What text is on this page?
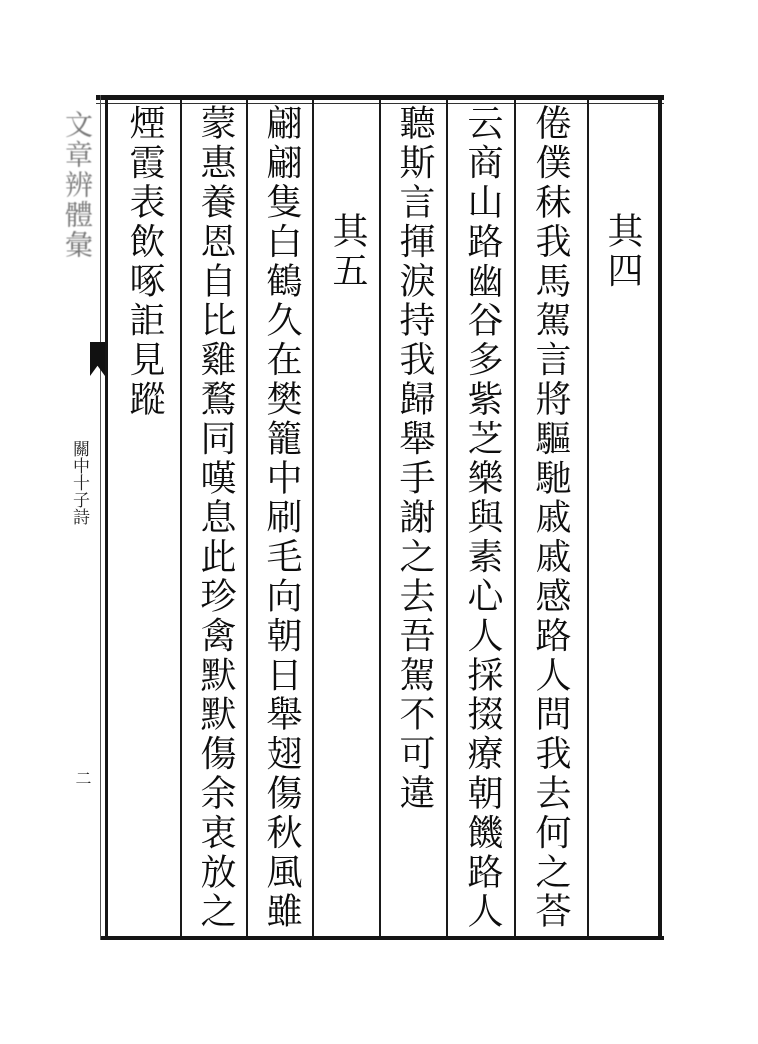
文章辨體彙
關中十子詩
二
其四
倦僕秣我馬駕言將驅馳戚戚感路人問我去何之荅
云商山路幽谷多紫芝樂與素心人採掇療朝饑路人
聽斯言揮淚持我歸舉手謝之去吾駕不可違
其五
翩翩隻白鶴久在樊籠中刷毛向朝日舉翅傷秋風雖
蒙惠養恩自比雞鶩同嘆息此珍禽默默傷余衷放之
煙霞表飲啄詎見蹤
